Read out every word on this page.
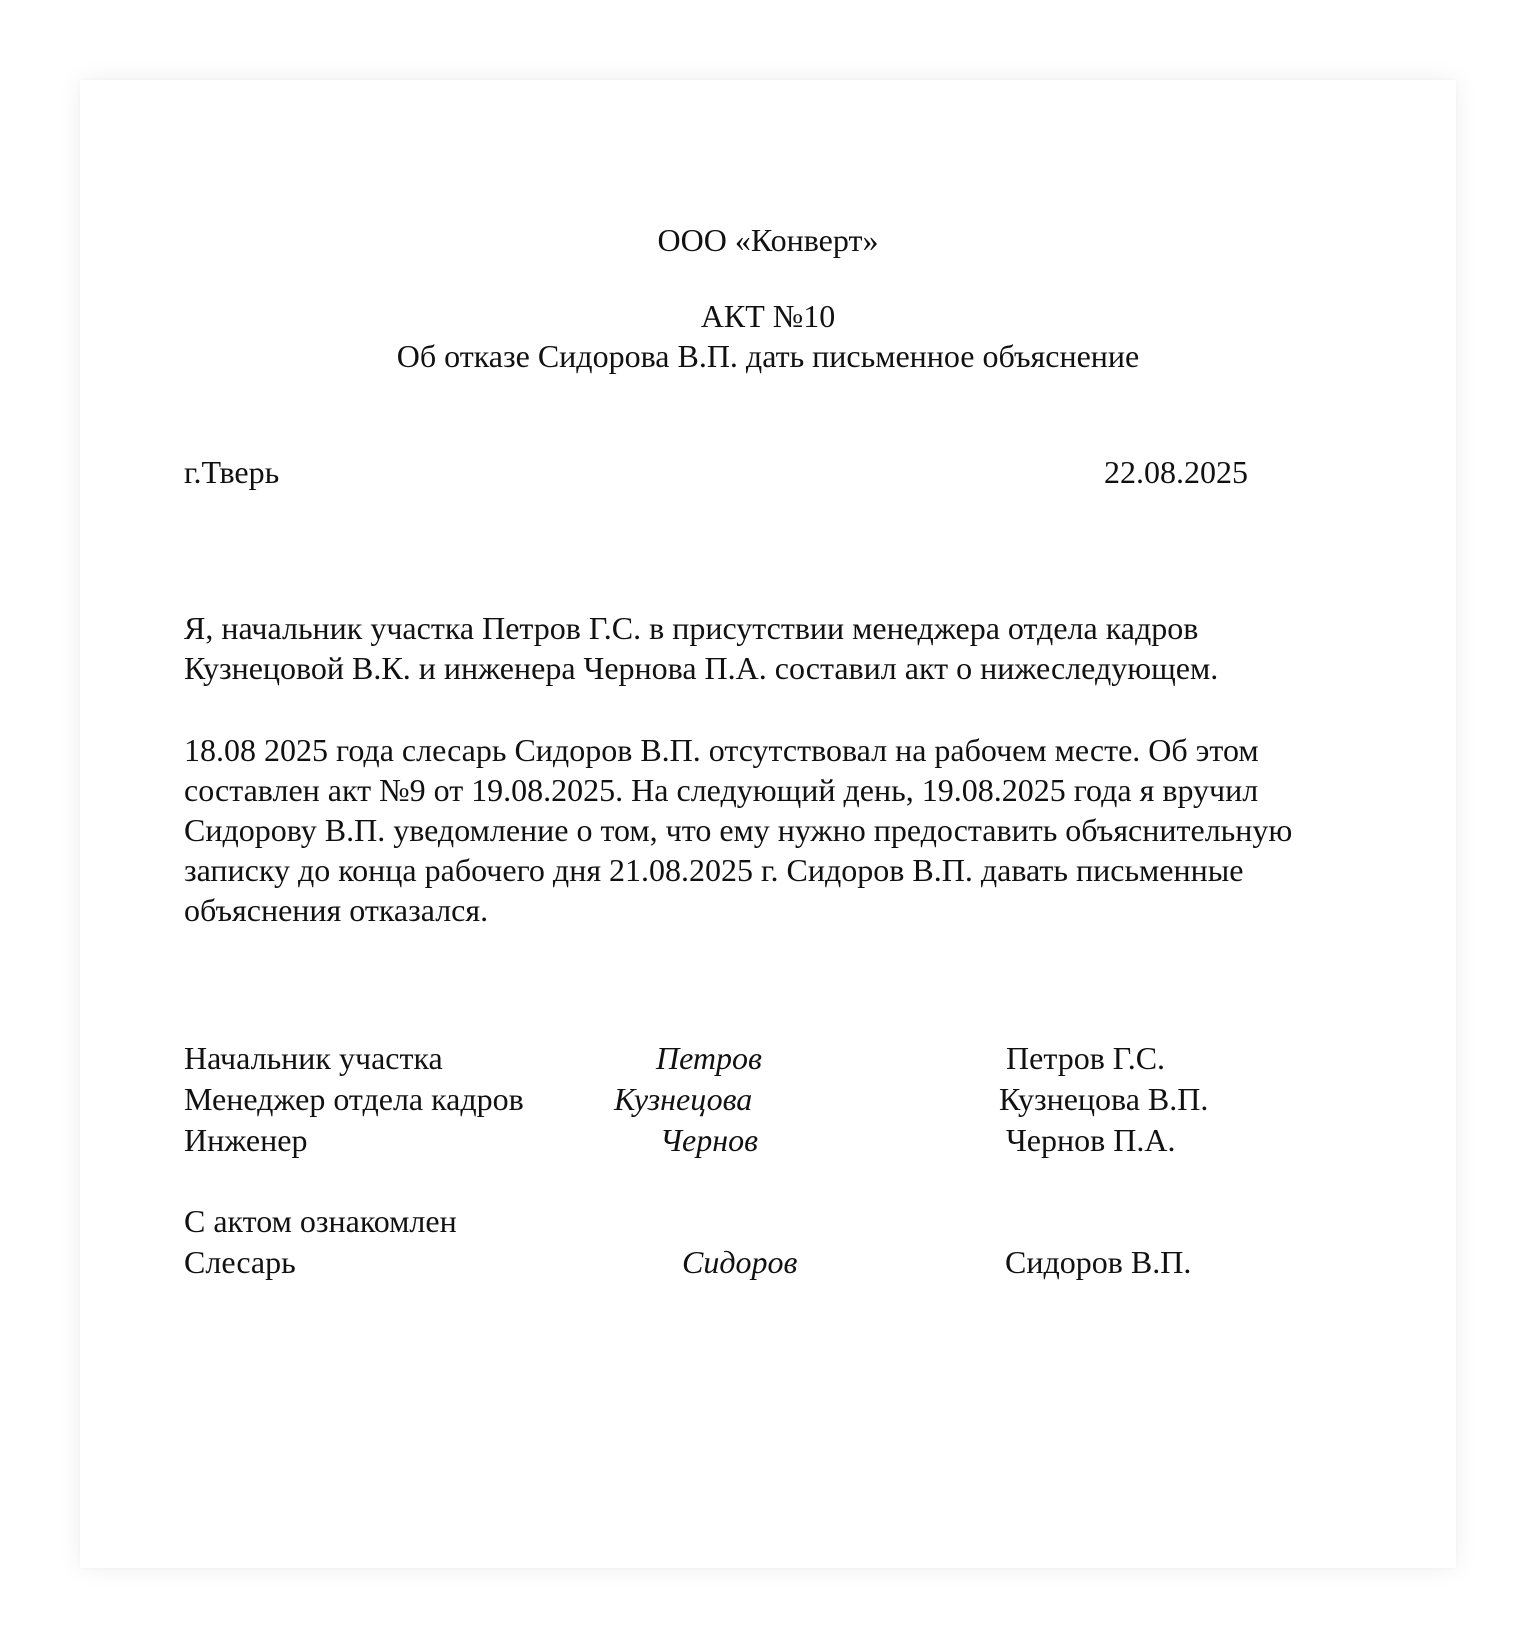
ООО «Конверт»
АКТ №10
Об отказе Сидорова В.П. дать письменное объяснение
г.Тверь	22.08.2025
Я, начальник участка Петров Г.С. в присутствии менеджера отдела кадров
Кузнецовой В.К. и инженера Чернова П.А. составил акт о нижеследующем.
18.08 2025 года слесарь Сидоров В.П. отсутствовал на рабочем месте. Об этом
составлен акт №9 от 19.08.2025. На следующий день, 19.08.2025 года я вручил
Сидорову В.П. уведомление о том, что ему нужно предоставить объяснительную
записку до конца рабочего дня 21.08.2025 г. Сидоров В.П. давать письменные
объяснения отказался.
Начальник участка	Петров	Петров Г.С.
Менеджер отдела кадров	Кузнецова	Кузнецова В.П.
Инженер	Чернов	Чернов П.А.
С актом ознакомлен
Слесарь	Сидоров	Сидоров В.П.
